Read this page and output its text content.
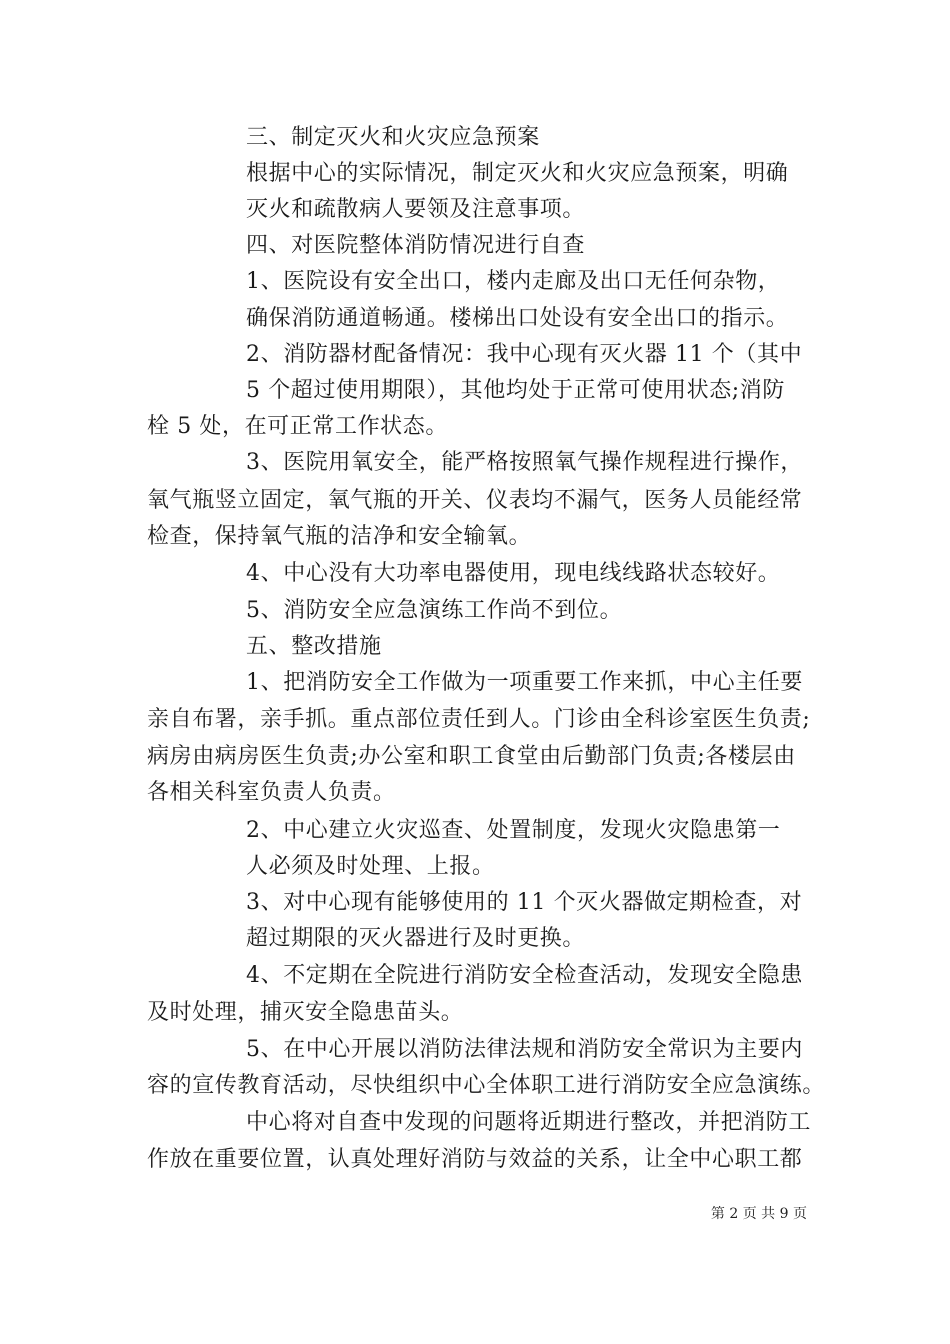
三、制定灭火和火灾应急预案
根据中心的实际情况，制定灭火和火灾应急预案，明确
灭火和疏散病人要领及注意事项。
四、对医院整体消防情况进行自查
1、医院设有安全出口，楼内走廊及出口无任何杂物，
确保消防通道畅通。楼梯出口处设有安全出口的指示。
2、消防器材配备情况：我中心现有灭火器 11 个（其中
5 个超过使用期限），其他均处于正常可使用状态;消防
栓 5 处，在可正常工作状态。
3、医院用氧安全，能严格按照氧气操作规程进行操作，
氧气瓶竖立固定，氧气瓶的开关、仪表均不漏气，医务人员能经常
检查，保持氧气瓶的洁净和安全输氧。
4、中心没有大功率电器使用，现电线线路状态较好。
5、消防安全应急演练工作尚不到位。
五、整改措施
1、把消防安全工作做为一项重要工作来抓，中心主任要
亲自布署，亲手抓。重点部位责任到人。门诊由全科诊室医生负责;
病房由病房医生负责;办公室和职工食堂由后勤部门负责;各楼层由
各相关科室负责人负责。
2、中心建立火灾巡查、处置制度，发现火灾隐患第一
人必须及时处理、上报。
3、对中心现有能够使用的 11 个灭火器做定期检查，对
超过期限的灭火器进行及时更换。
4、不定期在全院进行消防安全检查活动，发现安全隐患
及时处理，捕灭安全隐患苗头。
5、在中心开展以消防法律法规和消防安全常识为主要内
容的宣传教育活动，尽快组织中心全体职工进行消防安全应急演练。
中心将对自查中发现的问题将近期进行整改，并把消防工
作放在重要位置，认真处理好消防与效益的关系，让全中心职工都
第 2 页 共 9 页
